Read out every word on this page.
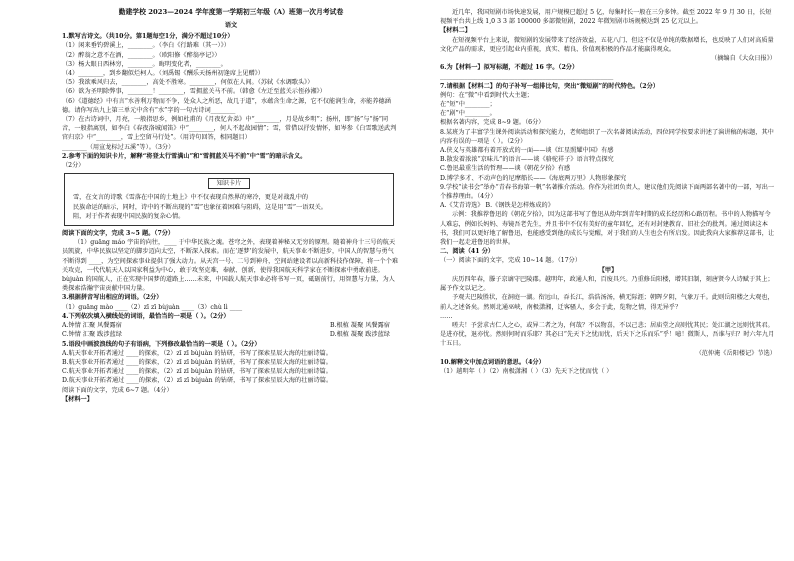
勤建学校 2023—2024 学年度第一学期初三年级（A）班第一次月考试卷
语文
1.默写古诗文。（共10分。第1题每空1分，满分不超过10分）
（1）闲来垂钓碧溪上，________。（李白《行路难（其一）》）
（2）醉翁之意不在酒，________。（欧阳修《醉翁亭记》）
（3）杨大眼日西林穷，________。晦明变化者，________。
（4）________，到乡翻似烂柯人。（刘禹锡《酬乐天扬州初逢席上见赠》）
（5）我欲乘风归去，________，高处不胜寒。________，何似在人间。（苏轼《水调歌头》）
（6）欲为圣明除弊事，________！________，雪拥蓝关马不前。（韩愈《左迁至蓝关示侄孙湘》）
（6）《道德经》中有言“水善利万物而不争，处众人之所恶，故几于道”，水蕴含生命之源，它不仅能润生命，亦能养德涵德。请你写出九上第三单元中含有“水”字的一句古诗词________
（7）在古诗词中，月亮，一般指思乡，例如杜甫的《月夜忆舍弟》中“________，月是故乡明”；扬州，即“扬”与“扬”同音，一般指离别，如李白《春夜洛城闻笛》中“________，何人不起故园情”；雪，常借以抒发情怀，如岑参《白雪歌送武判官归京》中“________，雪上空留马行处”。（用诗句回答，相同题目）
________（用宣龙标过五溪”等）。（3分）
2.参考下面的知识卡片，解释“将登太行雪满山”和“雪拥蓝关马不前”中“雪”的暗示含义。
（2分）
知识卡片
雪，在文言的诗歌《雪落在中国的土地上》中不仅表现自然界的寒冷，更是对战乱中的
民族命运的暗示，同时，诗中的不断出现的“雪”也象征着困难与阻碍，这是用“雪”一语双关。
阻，对于作者表现中国民族的复杂心情。
阅读下面的文字，完成 3~5 题。（7分）
（1）guāng máo 宇宙的向往，____ 于中华民族之魂。苍穹之外，表现着神秘又无穷的原理。随着神舟十三号的航天员凯旋，中华民族以坚定的脚步迈向太空，不断深入探索。而在‘逐梦’的发展中，航天事业不断进步，中国人的智慧与勇气不断得到 ____，为空间探索事业提供了强大动力。从天宫一号、二号到神舟，空间站建设者以高新科技作保障，将一个个难关攻克，一代代航天人以国家利益为中心，敢于攻坚克难，奉献、创新，使得我国航天科学家在不断探索中勇敢前进。
bùjuàn 的国航人，正在实现中国梦的道路上……未来，中国载人航天事业必将书写一页，砥砺前行，用智慧与力量，为人类探索浩瀚宇宙贡献中国力量。
3.根据拼音写出相应的词语。（2分）
（1）guāng mào ____（2）zī zī bùjuàn ____（3）chù lì ____
4.下列依次填入横线处的词语，最恰当的一项是（ ）。（2分）
A.钟情 汇聚 风餐露宿	B.根植 凝聚 风餐露宿
C.钟情 汇聚 跋涉蓝绿	D.根植 凝聚 跋涉蓝绿
5.语段中画波浪线的句子有语病，下列修改最恰当的一项是（ ）。（2分）
A.航天事业开拓者通过 ____的探索，（2）zī zī bùjuàn 的钻研，书写了探索星辰大海的壮丽诗篇。
B.航天事业开拓者通过 ____的探索，（2）zī zī bùjuàn 的钻研，书写了探索星辰大海的壮丽诗篇。
C.航天事业开拓者通过 ____的探索，（2）zī zī bùjuàn 的钻研，书写了探索星辰大海的壮丽诗篇。
D.航天事业开拓者通过 ____的探索，（2）zī zī bùjuàn 的钻研，书写了探索星辰大海的壮丽诗篇。
阅读下面的文字，完成 6~7 题。（4分）
【材料一】
近几年，我国短剧市场快速发展，用户规模已超过 5 亿，每集时长一般在三分多钟。截至 2022 年 9 月 30 日，长短视频平台共上线 1,0 3 3 部 100000 多部微短剧，2022 年微短剧市场规模达到 25 亿元以上。
【材料二】
在短视频平台上来说，微短剧的发展带来了经济效益，五花八门、但这不仅是单纯的数据增长，也反映了人们对高质量文化产品的需求，更应引起业内重视，真实、精良、价值观积极的作品才能赢得观众。
（摘编自《大众日报》）
6.为【材料一】拟写标题，不超过 16 字。（2分）
________________________________________________________
7.请根据【材料二】的句子补写一组排比句，突出“微短剧”的时代特色。（2分）
例句：在“微”中看到时代大主题；
在“短”中________；
在“剧”中________。
根据名著内容，完成 8~9 题。（6分）
8.某班为了丰富学生课外阅读活动和探究能力，老师组织了一次名著阅读活动，四位同学按要求讲述了演讲稿的标题，其中内容有误的一项是（ ）。（2分）
A.侠义与英雄都有着开放式的一面——谈《红星照耀中国》有感
B.散发着浓浓“京味儿”的语言——谈《骆驼祥子》语言特点探究
C.鲁迅最重生活的哲理——谈《朝花夕拾》有感
D.博学多才、不动声色的尼摩船长——《海底两万里》人物形象探究
9.学校“读书会”举办“青春书海第一帆”名著推介活动。你作为社团负责人，建议他们先阅读下面两部名著中的一部，写出一个推荐理由。（4分）
A.《艾青诗选》 B.《钢铁是怎样炼成的》
示例：我推荐鲁迅的《朝花夕拾》，因为这部书写了鲁迅从幼年到青年时期的成长经历和心路历程。书中的人物描写令人难忘，例如长妈妈、寿镜吾老先生，并且书中不仅有美好的童年回忆，还有对封建教育、旧社会的批判。通过阅读这本书，我们可以更好地了解鲁迅，也能感受到他的成长与觉醒，对于我们的人生也会有所启发。因此我向大家推荐这部书，让我们一起走进鲁迅的世界。
二、阅读（41 分）
（一）阅读下面的文字，完成 10~14 题。（17分）
【甲】
庆历四年春，滕子京谪守巴陵郡。越明年，政通人和，百废具兴。乃重修岳阳楼，增其旧制，刻唐贤今人诗赋于其上；属予作文以记之。
予观夫巴陵胜状，在洞庭一湖。衔远山，吞长江，浩浩汤汤，横无际涯；朝晖夕阴，气象万千。此则岳阳楼之大观也，前人之述备矣。然则北通巫峡，南极潇湘，迁客骚人，多会于此，览物之情，得无异乎？
……
嗟夫！予尝求古仁人之心，或异二者之为，何哉？不以物喜，不以己悲；居庙堂之高则忧其民；处江湖之远则忧其君。是进亦忧，退亦忧。然则何时而乐耶？其必曰“先天下之忧而忧，后天下之乐而乐”乎！噫！微斯人，吾谁与归？时六年九月十五日。
（范仲淹《岳阳楼记》节选）
10.解释文中加点词语的意思。（4分）
（1）越明年（ ）（2）南极潇湘（ ）（3）先天下之忧而忧（ ）
